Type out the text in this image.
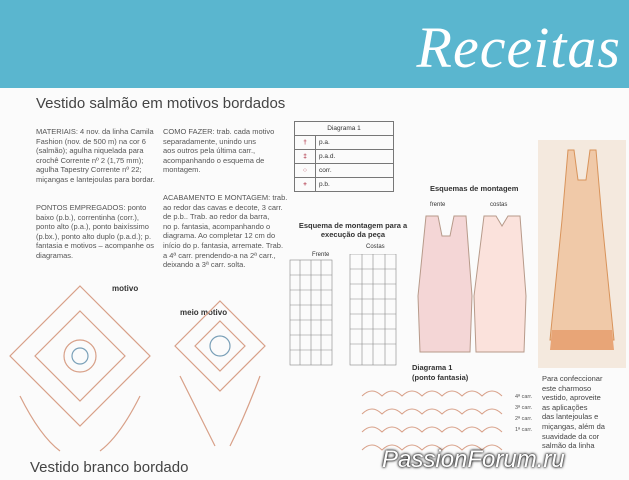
Receitas
Vestido salmão em motivos bordados
MATERIAIS: 4 nov. da linha Camila
Fashion (nov. de 500 m) na cor 6
(salmão); agulha niquelada para
crochê Corrente nº 2 (1,75 mm);
agulha Tapestry Corrente nº 22;
miçangas e lantejoulas para bordar.
PONTOS EMPREGADOS: ponto
baixo (p.b.), correntinha (corr.),
ponto alto (p.a.), ponto baixíssimo
(p.bx.), ponto alto duplo (p.a.d.); p.
fantasia e motivos – acompanhe os
diagramas.
COMO FAZER: trab. cada motivo
separadamente, unindo uns
aos outros pela última carr.,
acompanhando o esquema de
montagem.
ACABAMENTO E MONTAGEM: trab.
ao redor das cavas e decote, 3 carr.
de p.b.. Trab. ao redor da barra,
no p. fantasia, acompanhando o
diagrama. Ao completar 12 cm do
início do p. fantasia, arremate. Trab.
a 4ª carr. prendendo-a na 2ª carr.,
deixando a 3ª carr. solta.
Diagrama 1	
†	p.a.
‡	p.a.d.
○	corr.
+	p.b.
motivo
meio motivo
Esquema de montagem para a execução da peça
Frente
Costas
Esquemas de montagem
frente	costas
Diagrama 1
(ponto fantasia)
4ª carr.
3ª carr.
2ª carr.
1ª carr.
Para confeccionar
este charmoso
vestido, aproveite
as aplicações
das lantejoulas e
miçangas, além da
suavidade da cor
salmão da linha
Vestido branco bordado	PassionForum.ru
